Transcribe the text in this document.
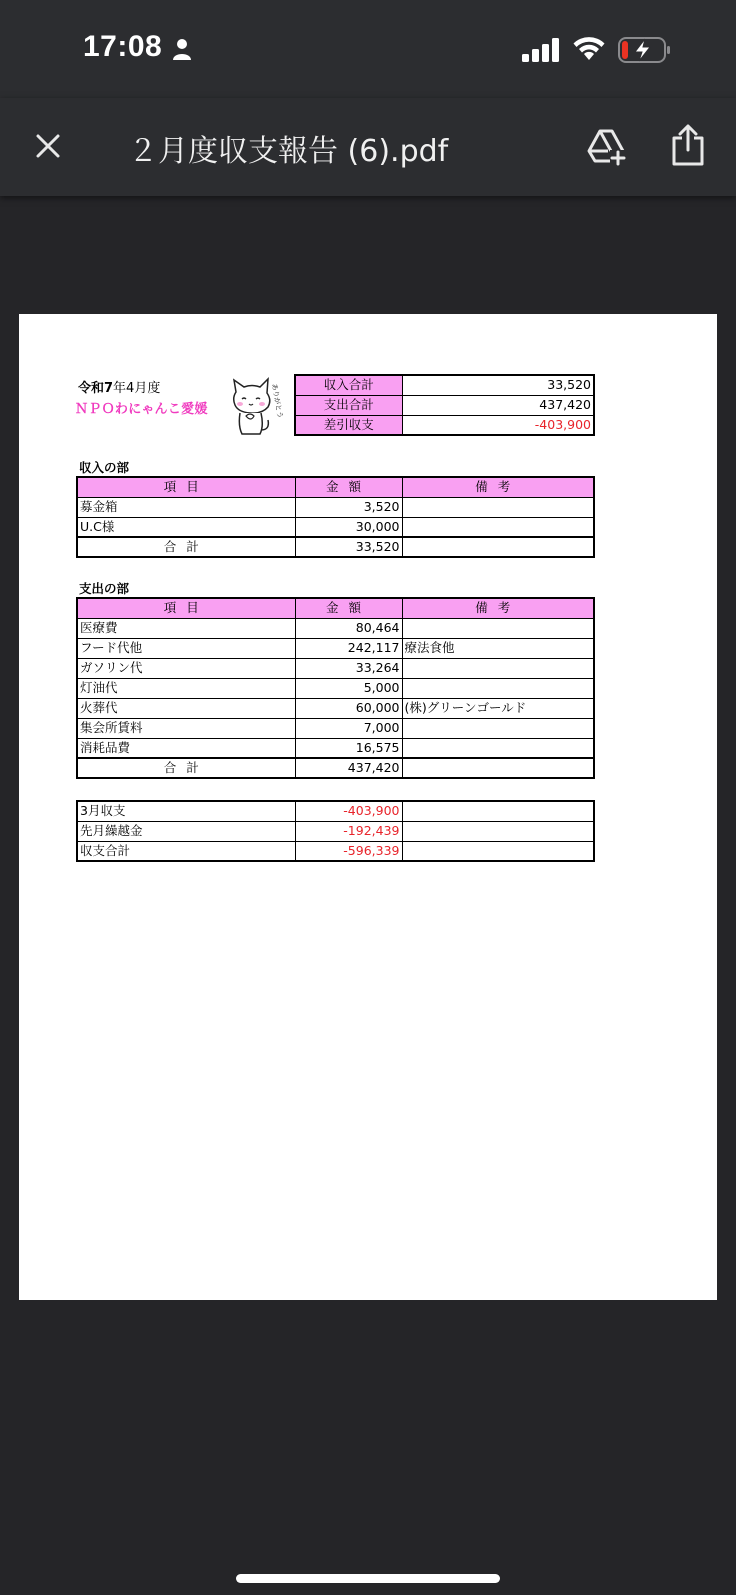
17:08
２月度収支報告 (6).pdf
令和7年4月度
ＮＰＯわにゃんこ愛媛	ありがとう	収入合計	33,520
支出合計	437,420
差引収支	-403,900
収入の部
項目	金額	備考
募金箱	3,520	
U.C様	30,000	
合計	33,520	
支出の部
項目	金額	備考
医療費	80,464	
フード代他	242,117	療法食他
ガソリン代	33,264	
灯油代	5,000	
火葬代	60,000	(株)グリーンゴールド
集会所賃料	7,000	
消耗品費	16,575	
合計	437,420	
3月収支	-403,900	
先月繰越金	-192,439	
収支合計	-596,339	
